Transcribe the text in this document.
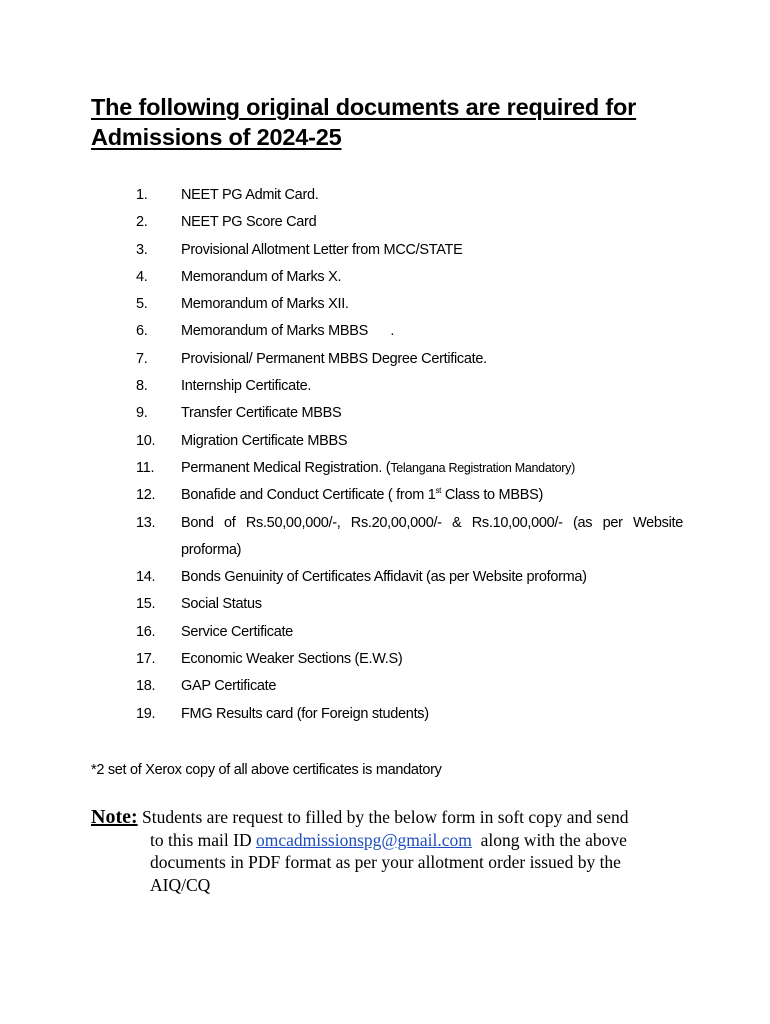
The following original documents are required for
Admissions of 2024-25
1. NEET PG Admit Card.
2. NEET PG Score Card
3. Provisional Allotment Letter from MCC/STATE
4. Memorandum of Marks X.
5. Memorandum of Marks XII.
6. Memorandum of Marks MBBS      .
7. Provisional/ Permanent MBBS Degree Certificate.
8. Internship Certificate.
9. Transfer Certificate MBBS
10. Migration Certificate MBBS
11. Permanent Medical Registration. (Telangana Registration Mandatory)
12. Bonafide and Conduct Certificate ( from 1st Class to MBBS)
13. Bond of Rs.50,00,000/-, Rs.20,00,000/- & Rs.10,00,000/- (as per Website proforma)
14. Bonds Genuinity of Certificates Affidavit (as per Website proforma)
15. Social Status
16. Service Certificate
17. Economic Weaker Sections (E.W.S)
18. GAP Certificate
19. FMG Results card (for Foreign students)
*2 set of Xerox copy of all above certificates is mandatory
Note: Students are request to filled by the below form in soft copy and send
to this mail ID omcadmissionspg@gmail.com  along with the above
documents in PDF format as per your allotment order issued by the
AIQ/CQ
